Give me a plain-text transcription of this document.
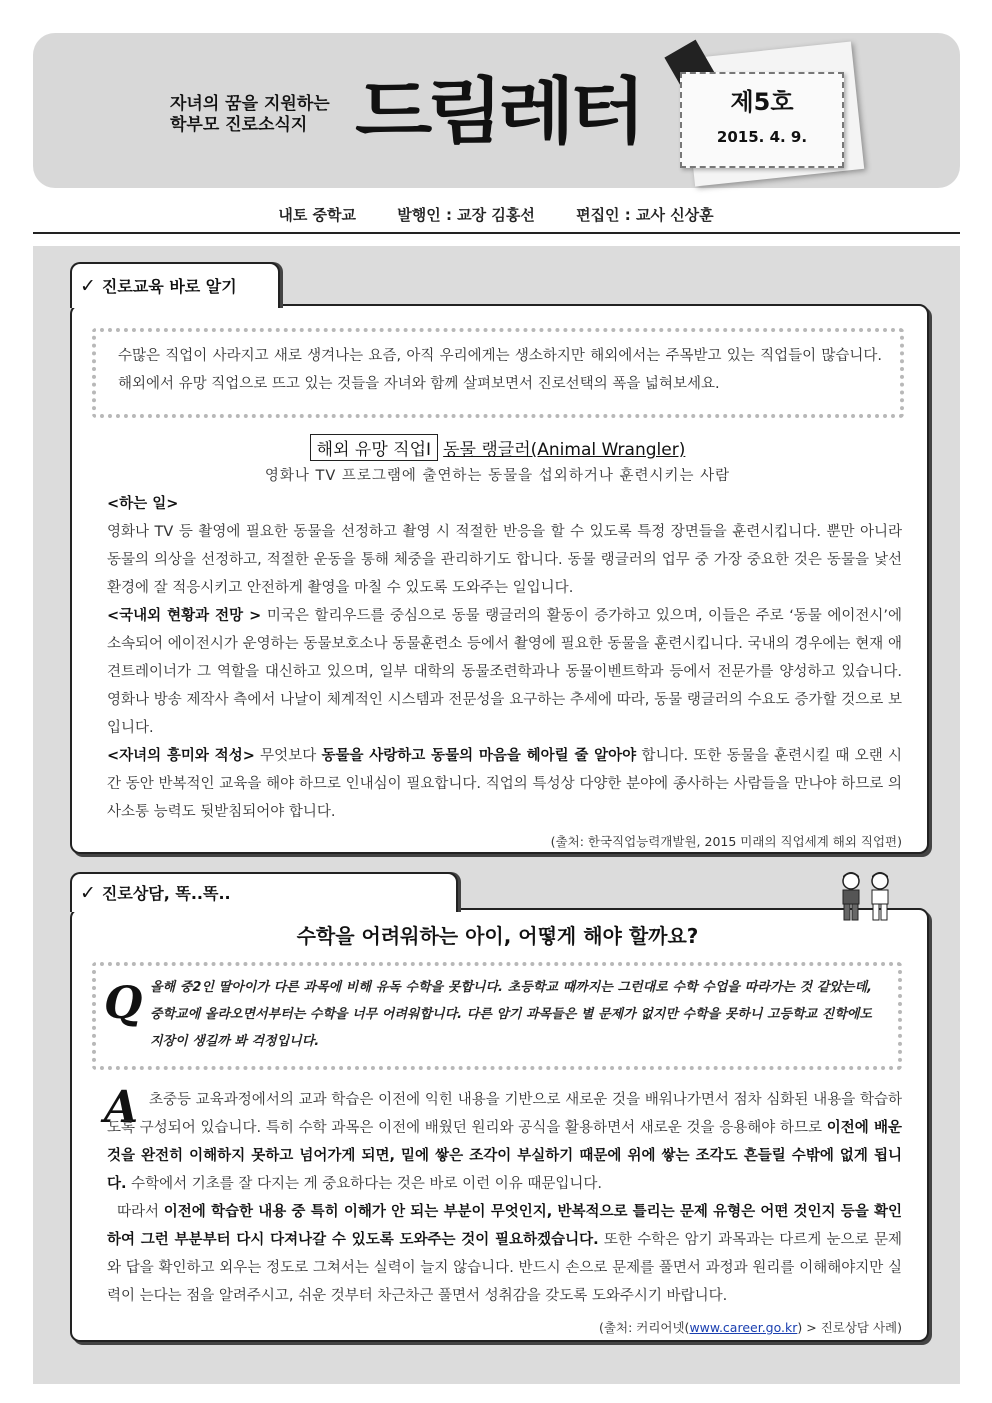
자녀의 꿈을 지원하는
학부모 진로소식지 드림레터	제5호
2015. 4. 9.
내토 중학교	발행인 : 교장 김홍선	편집인 : 교사 신상훈
✓ 진로교육 바로 알기
수많은 직업이 사라지고 새로 생겨나는 요즘, 아직 우리에게는 생소하지만 해외에서는 주목받고 있는 직업들이 많습니다. 해외에서 유망 직업으로 뜨고 있는 것들을 자녀와 함께 살펴보면서 진로선택의 폭을 넓혀보세요.
해외 유망 직업Ⅰ 동물 랭글러(Animal Wrangler)
영화나 TV 프로그램에 출연하는 동물을 섭외하거나 훈련시키는 사람
<하는 일>
영화나 TV 등 촬영에 필요한 동물을 선정하고 촬영 시 적절한 반응을 할 수 있도록 특정 장면들을 훈련시킵니다. 뿐만 아니라 동물의 의상을 선정하고, 적절한 운동을 통해 체중을 관리하기도 합니다. 동물 랭글러의 업무 중 가장 중요한 것은 동물을 낯선 환경에 잘 적응시키고 안전하게 촬영을 마칠 수 있도록 도와주는 일입니다.
<국내외 현황과 전망 > 미국은 할리우드를 중심으로 동물 랭글러의 활동이 증가하고 있으며, 이들은 주로 ‘동물 에이전시’에 소속되어 에이전시가 운영하는 동물보호소나 동물훈련소 등에서 촬영에 필요한 동물을 훈련시킵니다. 국내의 경우에는 현재 애견트레이너가 그 역할을 대신하고 있으며, 일부 대학의 동물조련학과나 동물이벤트학과 등에서 전문가를 양성하고 있습니다. 영화나 방송 제작사 측에서 나날이 체계적인 시스템과 전문성을 요구하는 추세에 따라, 동물 랭글러의 수요도 증가할 것으로 보입니다.
<자녀의 흥미와 적성> 무엇보다 동물을 사랑하고 동물의 마음을 헤아릴 줄 알아야 합니다. 또한 동물을 훈련시킬 때 오랜 시간 동안 반복적인 교육을 해야 하므로 인내심이 필요합니다. 직업의 특성상 다양한 분야에 종사하는 사람들을 만나야 하므로 의사소통 능력도 뒷받침되어야 합니다.
(출처: 한국직업능력개발원, 2015 미래의 직업세계 해외 직업편)
✓ 진로상담, 똑..똑..
수학을 어려워하는 아이, 어떻게 해야 할까요?
Q 올해 중2인 딸아이가 다른 과목에 비해 유독 수학을 못합니다. 초등학교 때까지는 그런대로 수학 수업을 따라가는 것 같았는데, 중학교에 올라오면서부터는 수학을 너무 어려워합니다. 다른 암기 과목들은 별 문제가 없지만 수학을 못하니 고등학교 진학에도 지장이 생길까 봐 걱정입니다.
A 초중등 교육과정에서의 교과 학습은 이전에 익힌 내용을 기반으로 새로운 것을 배워나가면서 점차 심화된 내용을 학습하도록 구성되어 있습니다. 특히 수학 과목은 이전에 배웠던 원리와 공식을 활용하면서 새로운 것을 응용해야 하므로 이전에 배운 것을 완전히 이해하지 못하고 넘어가게 되면, 밑에 쌓은 조각이 부실하기 때문에 위에 쌓는 조각도 흔들릴 수밖에 없게 됩니다. 수학에서 기초를 잘 다지는 게 중요하다는 것은 바로 이런 이유 때문입니다.
따라서 이전에 학습한 내용 중 특히 이해가 안 되는 부분이 무엇인지, 반복적으로 틀리는 문제 유형은 어떤 것인지 등을 확인하여 그런 부분부터 다시 다져나갈 수 있도록 도와주는 것이 필요하겠습니다. 또한 수학은 암기 과목과는 다르게 눈으로 문제와 답을 확인하고 외우는 정도로 그쳐서는 실력이 늘지 않습니다. 반드시 손으로 문제를 풀면서 과정과 원리를 이해해야지만 실력이 는다는 점을 알려주시고, 쉬운 것부터 차근차근 풀면서 성취감을 갖도록 도와주시기 바랍니다.
(출처: 커리어넷(www.career.go.kr) > 진로상담 사례)
